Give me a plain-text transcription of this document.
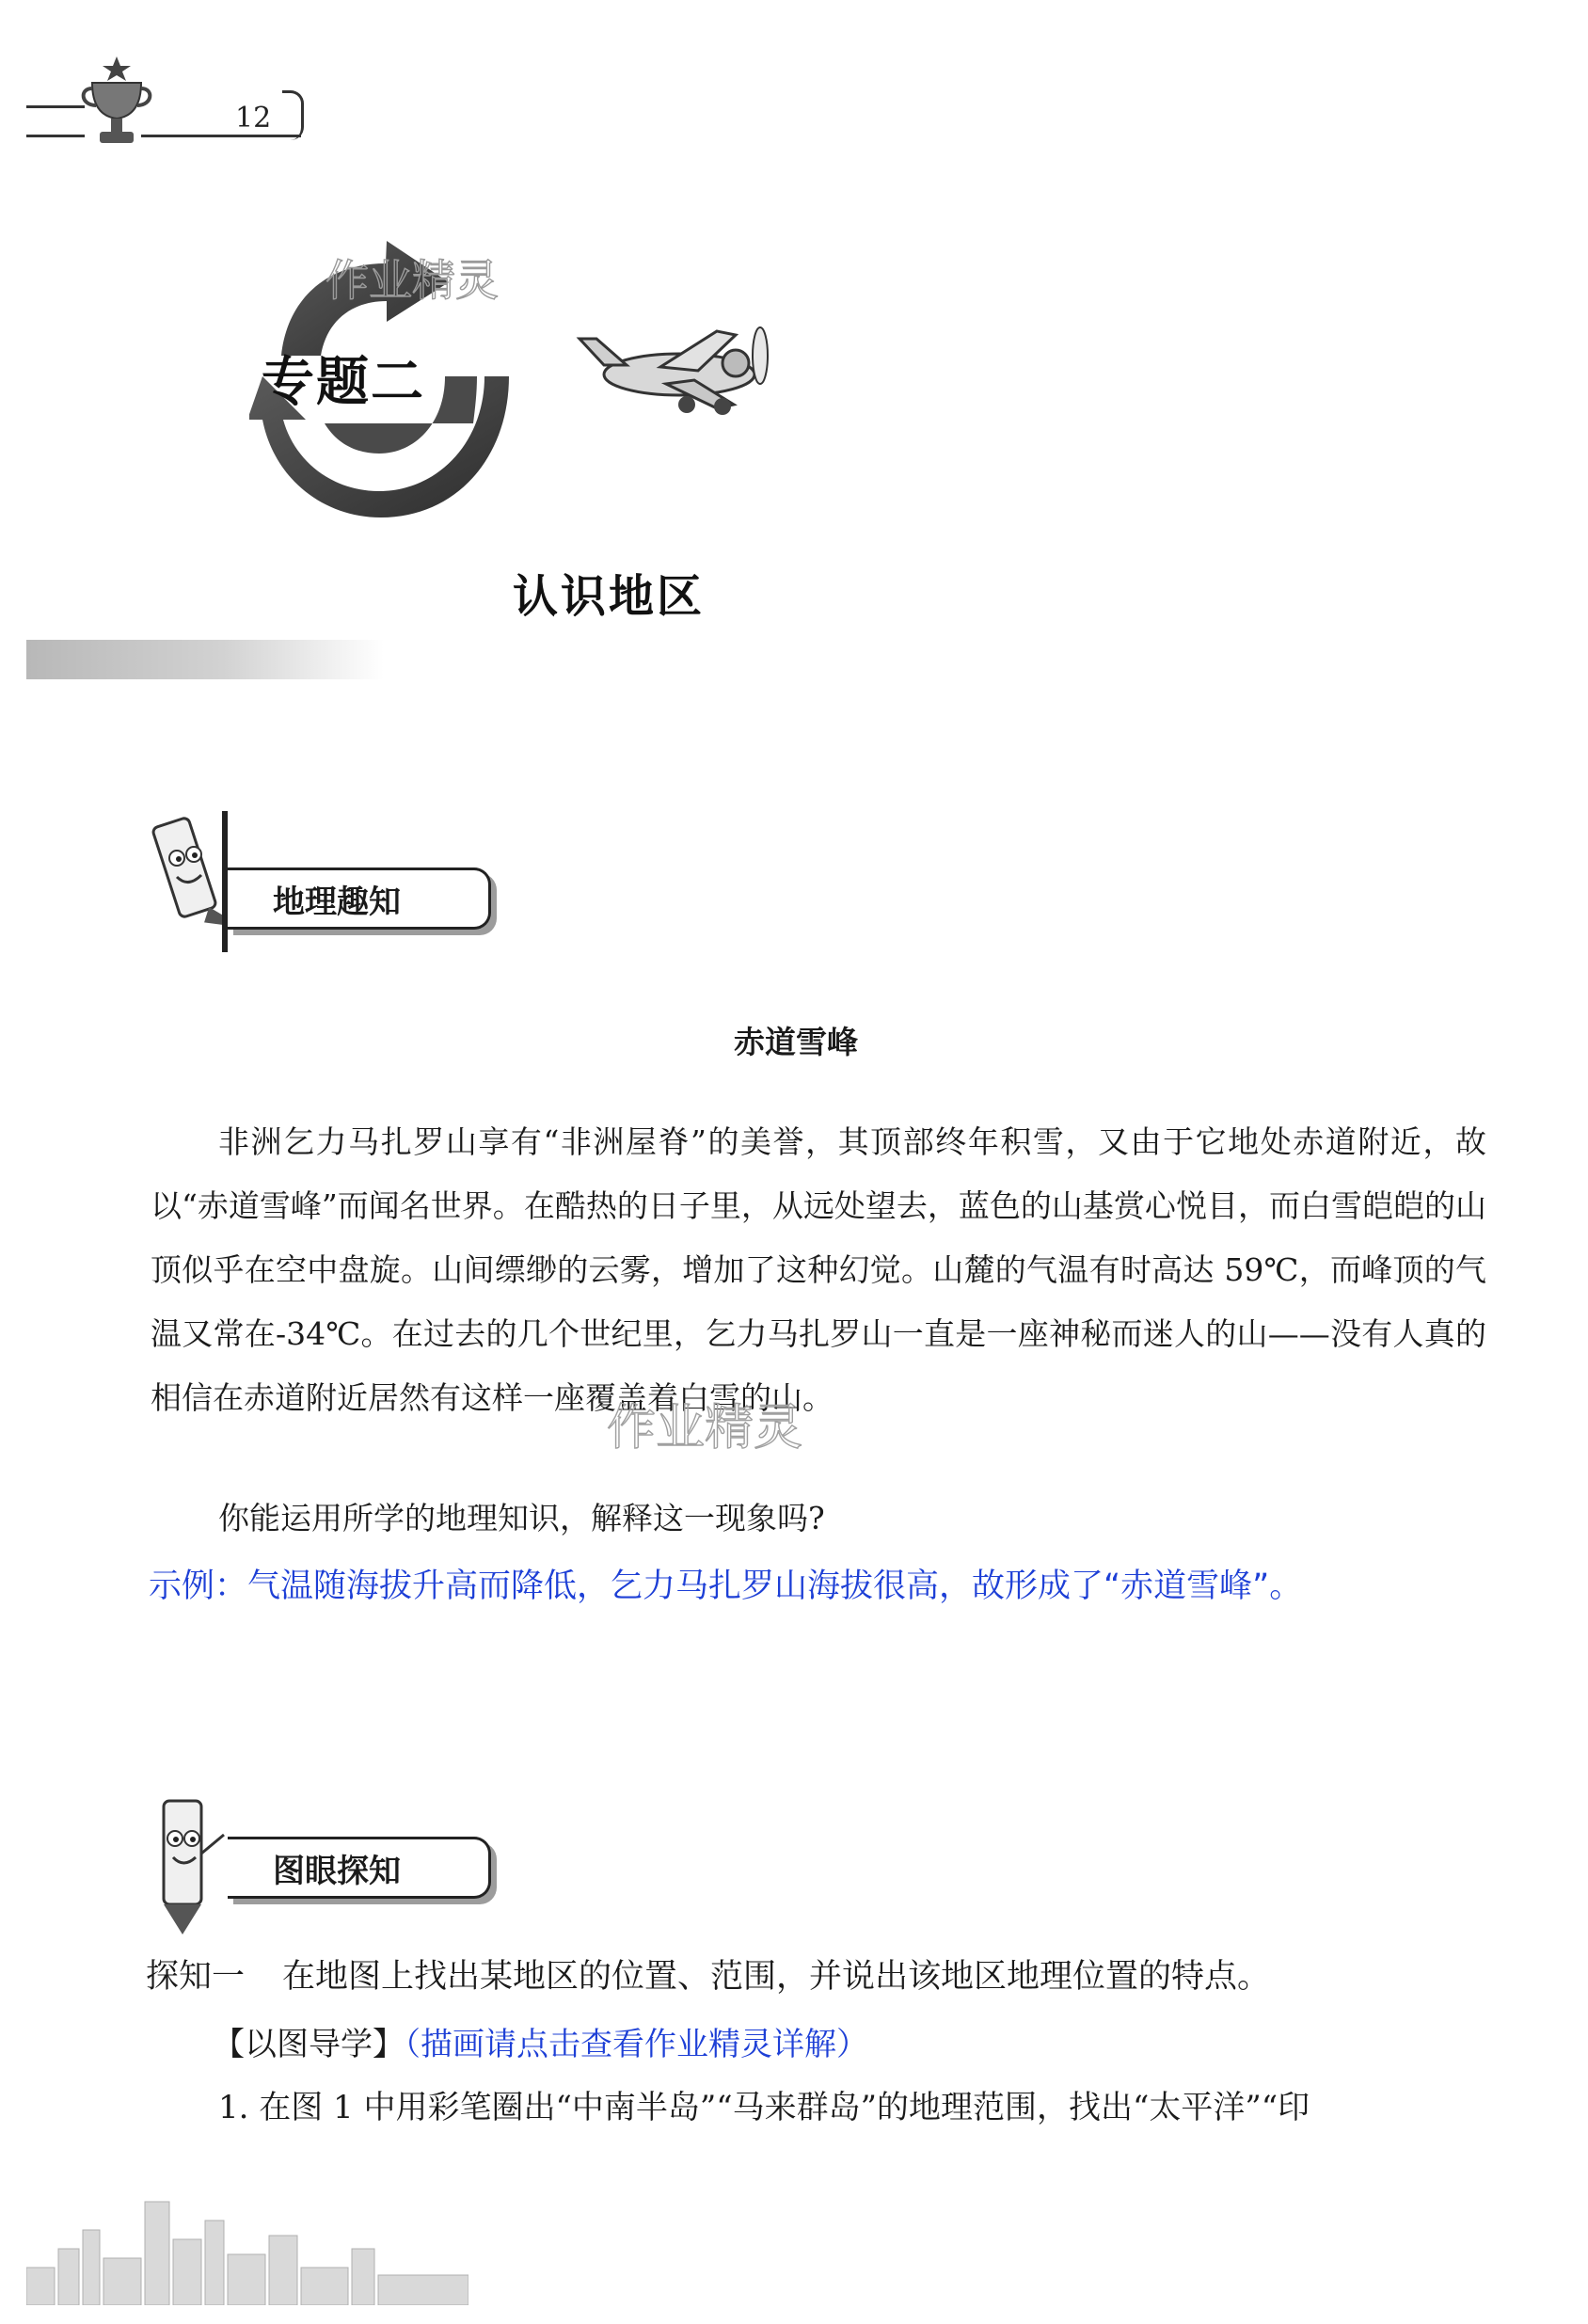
12
作业精灵
专题二
认识地区
地理趣知
赤道雪峰

非洲乞力马扎罗山享有“非洲屋脊”的美誉，其顶部终年积雪，又由于它地处赤道附近，故以“赤道雪峰”而闻名世界。在酷热的日子里，从远处望去，蓝色的山基赏心悦目，而白雪皑皑的山顶似乎在空中盘旋。山间缥缈的云雾，增加了这种幻觉。山麓的气温有时高达 59℃，而峰顶的气温又常在-34℃。在过去的几个世纪里，乞力马扎罗山一直是一座神秘而迷人的山——没有人真的相信在赤道附近居然有这样一座覆盖着白雪的山。

作业精灵
你能运用所学的地理知识，解释这一现象吗?
示例：气温随海拔升高而降低，乞力马扎罗山海拔很高，故形成了“赤道雪峰”。
图眼探知
探知一 在地图上找出某地区的位置、范围，并说出该地区地理位置的特点。
【以图导学】（描画请点击查看作业精灵详解）
1. 在图 1 中用彩笔圈出“中南半岛”“马来群岛”的地理范围，找出“太平洋”“印
